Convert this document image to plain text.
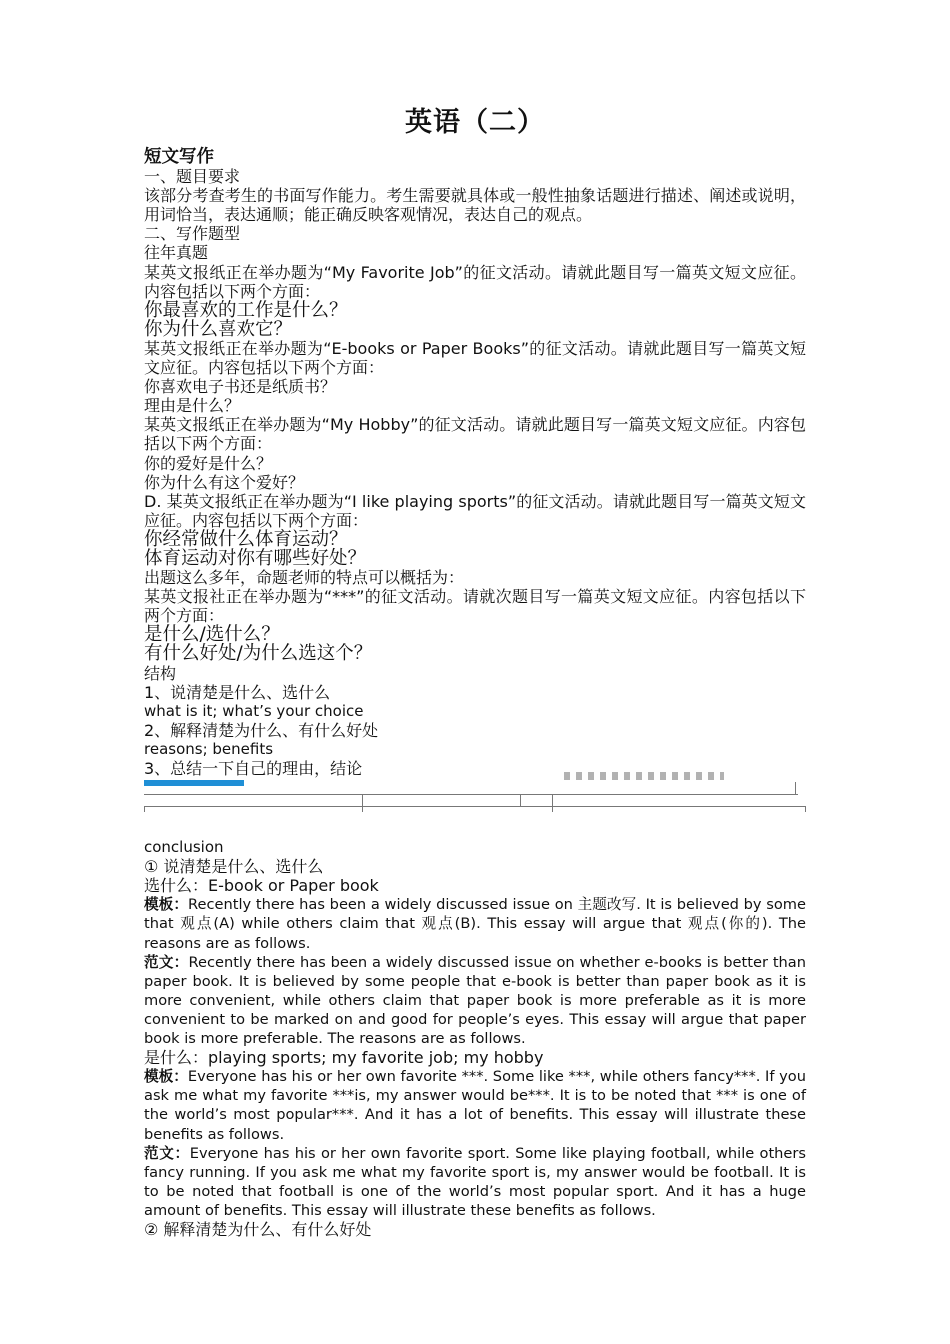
英语（二）
短文写作
一、题目要求
该部分考查考生的书面写作能力。考生需要就具体或一般性抽象话题进行描述、阐述或说明，用词恰当，表达通顺；能正确反映客观情况，表达自己的观点。
二、写作题型
往年真题
某英文报纸正在举办题为“My Favorite Job”的征文活动。请就此题目写一篇英文短文应征。内容包括以下两个方面：
你最喜欢的工作是什么？
你为什么喜欢它？
某英文报纸正在举办题为“E-books or Paper Books”的征文活动。请就此题目写一篇英文短文应征。内容包括以下两个方面：
你喜欢电子书还是纸质书？
理由是什么？
某英文报纸正在举办题为“My Hobby”的征文活动。请就此题目写一篇英文短文应征。内容包括以下两个方面：
你的爱好是什么？
你为什么有这个爱好？
D. 某英文报纸正在举办题为“I like playing sports”的征文活动。请就此题目写一篇英文短文应征。内容包括以下两个方面：
你经常做什么体育运动？
体育运动对你有哪些好处？
出题这么多年，命题老师的特点可以概括为：
某英文报社正在举办题为“***”的征文活动。请就次题目写一篇英文短文应征。内容包括以下两个方面：
是什么/选什么？
有什么好处/为什么选这个？
结构
1、说清楚是什么、选什么
what is it; what’s your choice
2、解释清楚为什么、有什么好处
reasons; benefits
3、总结一下自己的理由，结论
conclusion
① 说清楚是什么、选什么
选什么：E-book or Paper book
模板：Recently there has been a widely discussed issue on 主题改写. It is believed by some that 观点(A) while others claim that 观点(B). This essay will argue that 观点(你的). The reasons are as follows.
范文：Recently there has been a widely discussed issue on whether e-books is better than paper book. It is believed by some people that e-book is better than paper book as it is more convenient, while others claim that paper book is more preferable as it is more convenient to be marked on and good for people’s eyes. This essay will argue that paper book is more preferable. The reasons are as follows.
是什么：playing sports; my favorite job; my hobby
模板：Everyone has his or her own favorite ***. Some like ***, while others fancy***. If you ask me what my favorite ***is, my answer would be***. It is to be noted that *** is one of the world’s most popular***. And it has a lot of benefits. This essay will illustrate these benefits as follows.
范文：Everyone has his or her own favorite sport. Some like playing football, while others fancy running. If you ask me what my favorite sport is, my answer would be football. It is to be noted that football is one of the world’s most popular sport. And it has a huge amount of benefits. This essay will illustrate these benefits as follows.
② 解释清楚为什么、有什么好处
